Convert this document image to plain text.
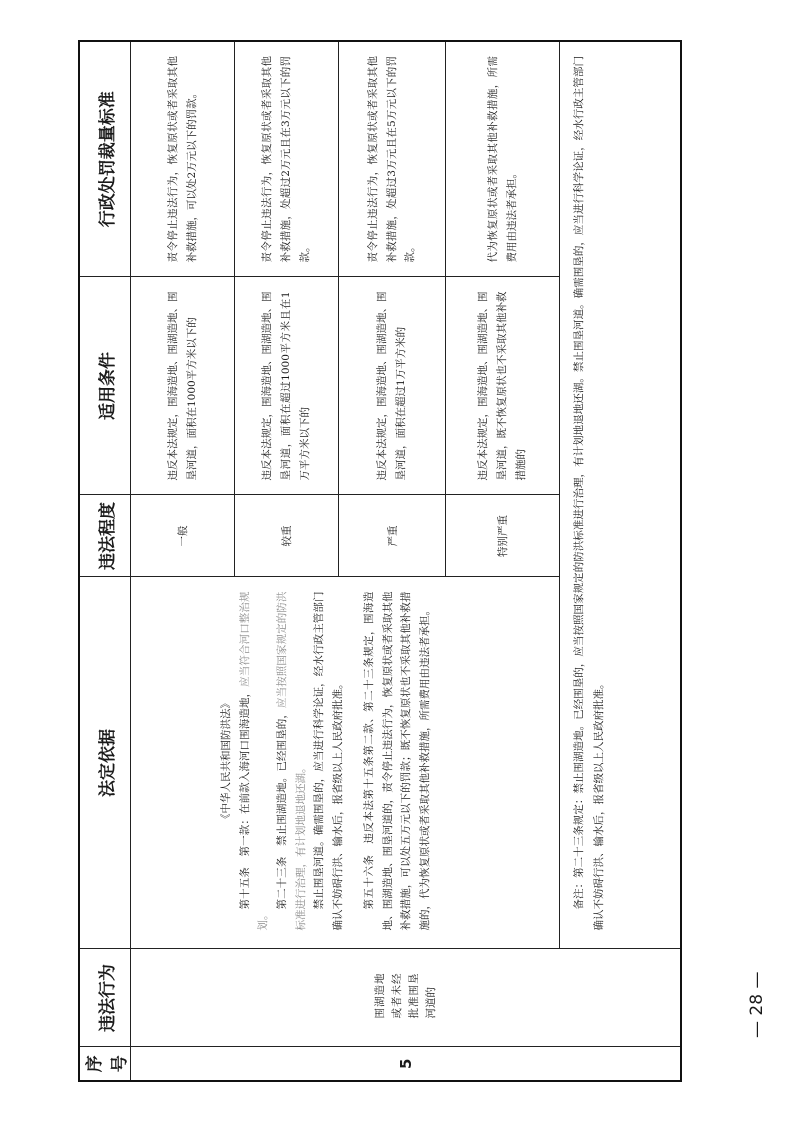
序号	违法行为	法定依据	违法程度	适用条件	行政处罚裁量标准
5	围湖造地或者未经批准围垦河道的	《中华人民共和国防洪法》 第十五条　第一款：在前款入海河口围海造地，应当符合河口整治规划。

第二十三条　禁止围湖造地。已经围垦的，应当按照国家规定的防洪标准进行治理，有计划地退地还湖。 禁止围垦河道。确需围垦的，应当进行科学论证，经水行政主管部门确认不妨碍行洪、输水后，报省级以上人民政府批准。 第五十六条　违反本法第十五条第二款、第二十三条规定，围海造地、围湖造地、围垦河道的，责令停止违法行为，恢复原状或者采取其他补救措施，可以处五万元以下的罚款；既不恢复原状也不采取其他补救措施的，代为恢复原状或者采取其他补救措施，所需费用由违法者承担。	一般	违反本法规定，围海造地、围湖造地、围垦河道，面积在1000平方米以下的	责令停止违法行为，恢复原状或者采取其他补救措施，可以处2万元以下的罚款。
			较重	违反本法规定，围海造地、围湖造地、围垦河道，面积在超过1000平方米且在1万平方米以下的	责令停止违法行为，恢复原状或者采取其他补救措施，处超过2万元且在3万元以下的罚款。
			严重	违反本法规定，围海造地、围湖造地、围垦河道，面积在超过1万平方米的	责令停止违法行为，恢复原状或者采取其他补救措施，处超过3万元且在5万元以下的罚款。
			特别严重	违反本法规定，围海造地、围湖造地、围垦河道，既不恢复原状也不采取其他补救措施的	代为恢复原状或者采取其他补救措施，所需费用由违法者承担。
		备注：第二十三条规定：禁止围湖造地。已经围垦的，应当按照国家规定的防洪标准进行治理，有计划地退地还湖。禁止围垦河道。确需围垦的，应当进行科学论证，经水行政主管部门确认不妨碍行洪、输水后，报省级以上人民政府批准。			
— 28 —
